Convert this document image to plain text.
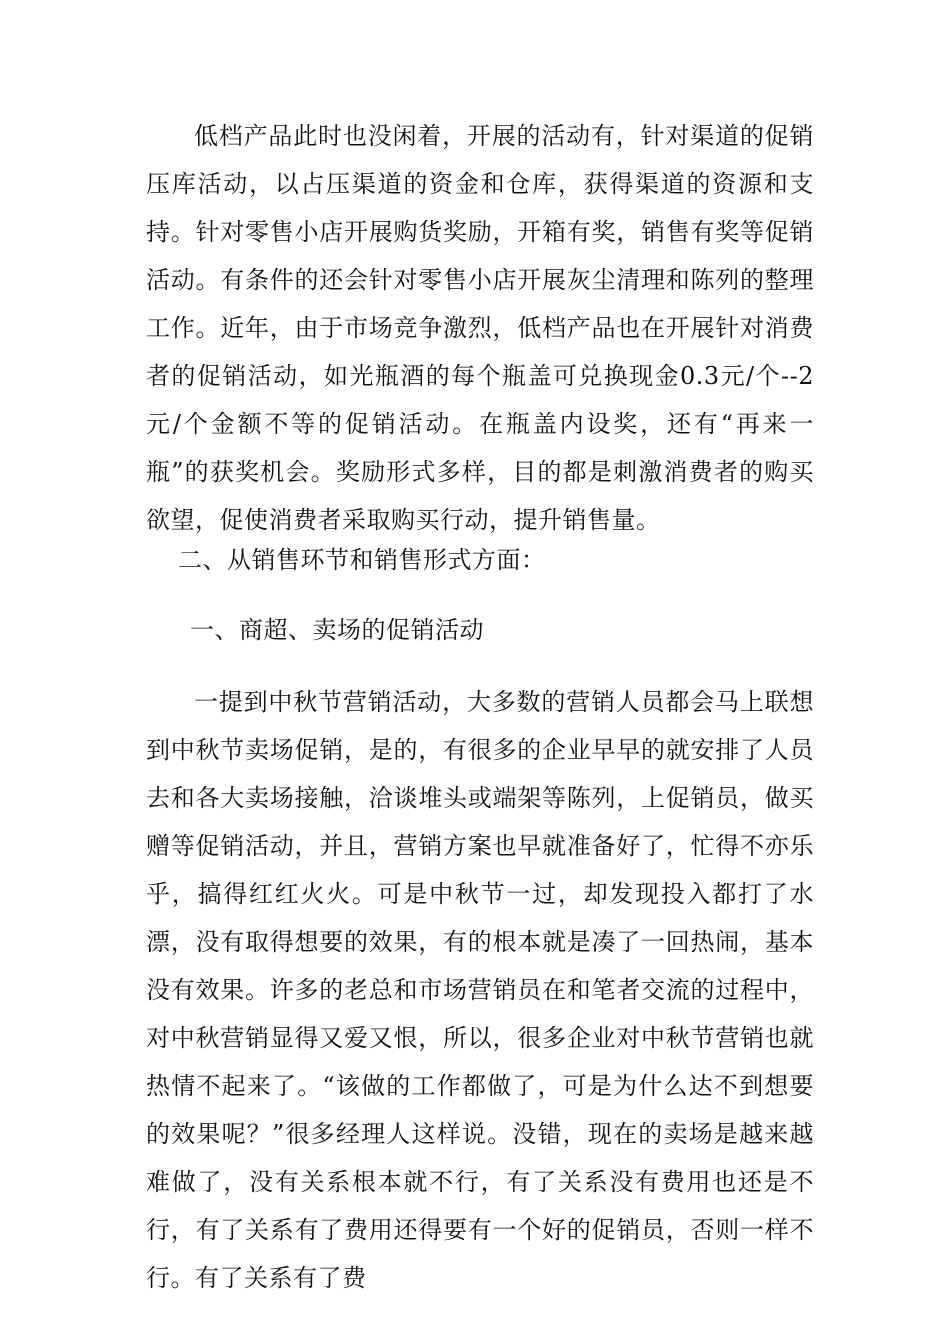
低档产品此时也没闲着，开展的活动有，针对渠道的促销压库活动，以占压渠道的资金和仓库，获得渠道的资源和支持。针对零售小店开展购货奖励，开箱有奖，销售有奖等促销活动。有条件的还会针对零售小店开展灰尘清理和陈列的整理工作。近年，由于市场竞争激烈，低档产品也在开展针对消费者的促销活动，如光瓶酒的每个瓶盖可兑换现金0.3元/个--2元/个金额不等的促销活动。在瓶盖内设奖，还有“再来一瓶”的获奖机会。奖励形式多样，目的都是刺激消费者的购买欲望，促使消费者采取购买行动，提升销售量。

二、从销售环节和销售形式方面：

一、商超、卖场的促销活动

一提到中秋节营销活动，大多数的营销人员都会马上联想到中秋节卖场促销，是的，有很多的企业早早的就安排了人员去和各大卖场接触，洽谈堆头或端架等陈列，上促销员，做买赠等促销活动，并且，营销方案也早就准备好了，忙得不亦乐乎，搞得红红火火。可是中秋节一过，却发现投入都打了水漂，没有取得想要的效果，有的根本就是凑了一回热闹，基本没有效果。许多的老总和市场营销员在和笔者交流的过程中，对中秋营销显得又爱又恨，所以，很多企业对中秋节营销也就热情不起来了。“该做的工作都做了，可是为什么达不到想要的效果呢？”很多经理人这样说。没错，现在的卖场是越来越难做了，没有关系根本就不行，有了关系没有费用也还是不行，有了关系有了费用还得要有一个好的促销员，否则一样不行。有了关系有了费
